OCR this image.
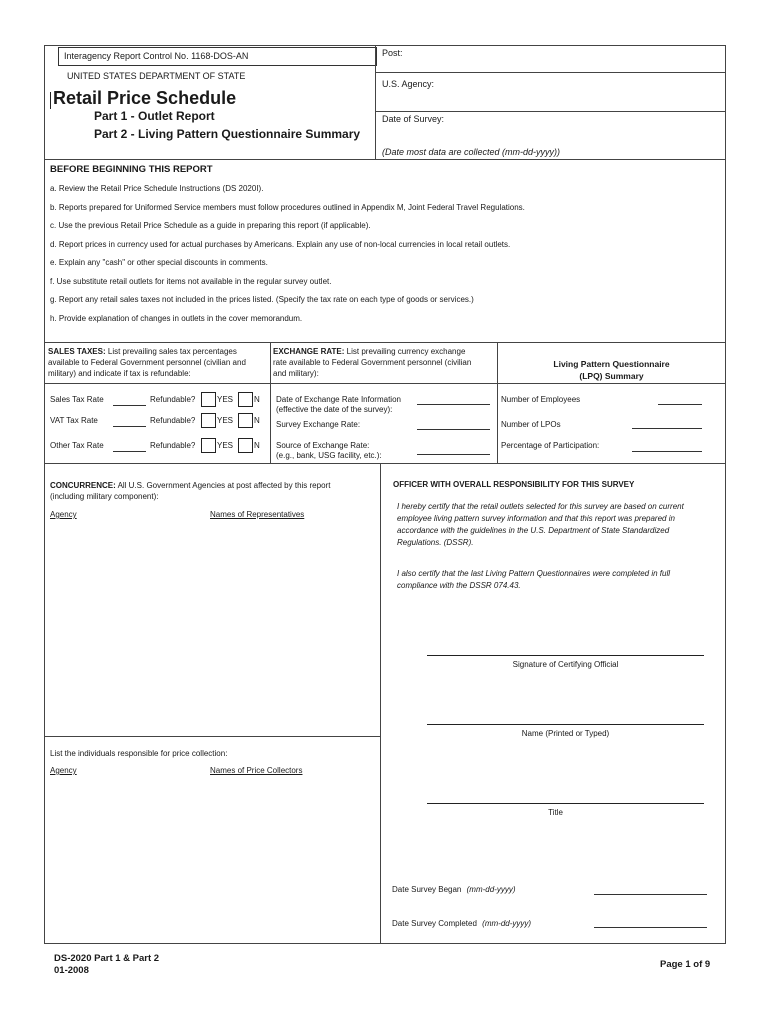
Interagency Report Control No. 1168-DOS-AN
UNITED STATES DEPARTMENT OF STATE
Retail Price Schedule
Part 1 - Outlet Report
Part 2 - Living Pattern Questionnaire Summary
Post:
U.S. Agency:
Date of Survey:
(Date most data are collected (mm-dd-yyyy))
BEFORE BEGINNING THIS REPORT
a. Review the Retail Price Schedule Instructions (DS 2020I).
b. Reports prepared for Uniformed Service members must follow procedures outlined in Appendix M, Joint Federal Travel Regulations.
c. Use the previous Retail Price Schedule as a guide in preparing this report (if applicable).
d. Report prices in currency used for actual purchases by Americans. Explain any use of non-local currencies in local retail outlets.
e. Explain any "cash" or other special discounts in comments.
f. Use substitute retail outlets for items not available in the regular survey outlet.
g. Report any retail sales taxes not included in the prices listed. (Specify the tax rate on each type of goods or services.)
h. Provide explanation of changes in outlets in the cover memorandum.
SALES TAXES: List prevailing sales tax percentages
available to Federal Government personnel (civilian and
military) and indicate if tax is refundable:
Sales Tax Rate	Refundable?	YES	N
VAT Tax Rate	Refundable?	YES	N
Other Tax Rate	Refundable?	YES	N
EXCHANGE RATE: List prevailing currency exchange
rate available to Federal Government personnel (civilian
and military):
Date of Exchange Rate Information
(effective the date of the survey):
Survey Exchange Rate:
Source of Exchange Rate:
(e.g., bank, USG facility, etc.):
Living Pattern Questionnaire
(LPQ) Summary
Number of Employees
Number of LPOs
Percentage of Participation:
CONCURRENCE: All U.S. Government Agencies at post affected by this report
(including military component):
Agency	Names of Representatives
List the individuals responsible for price collection:
Agency	Names of Price Collectors
OFFICER WITH OVERALL RESPONSIBILITY FOR THIS SURVEY
I hereby certify that the retail outlets selected for this survey are based on current
employee living pattern survey information and that this report was prepared in
accordance with the guidelines in the U.S. Department of State Standardized
Regulations. (DSSR).
I also certify that the last Living Pattern Questionnaires were completed in full
compliance with the DSSR 074.43.
Signature of Certifying Official
Name (Printed or Typed)
Title
Date Survey Began (mm-dd-yyyy)
Date Survey Completed (mm-dd-yyyy)
DS-2020 Part 1 & Part 2
01-2008
Page 1 of 9
